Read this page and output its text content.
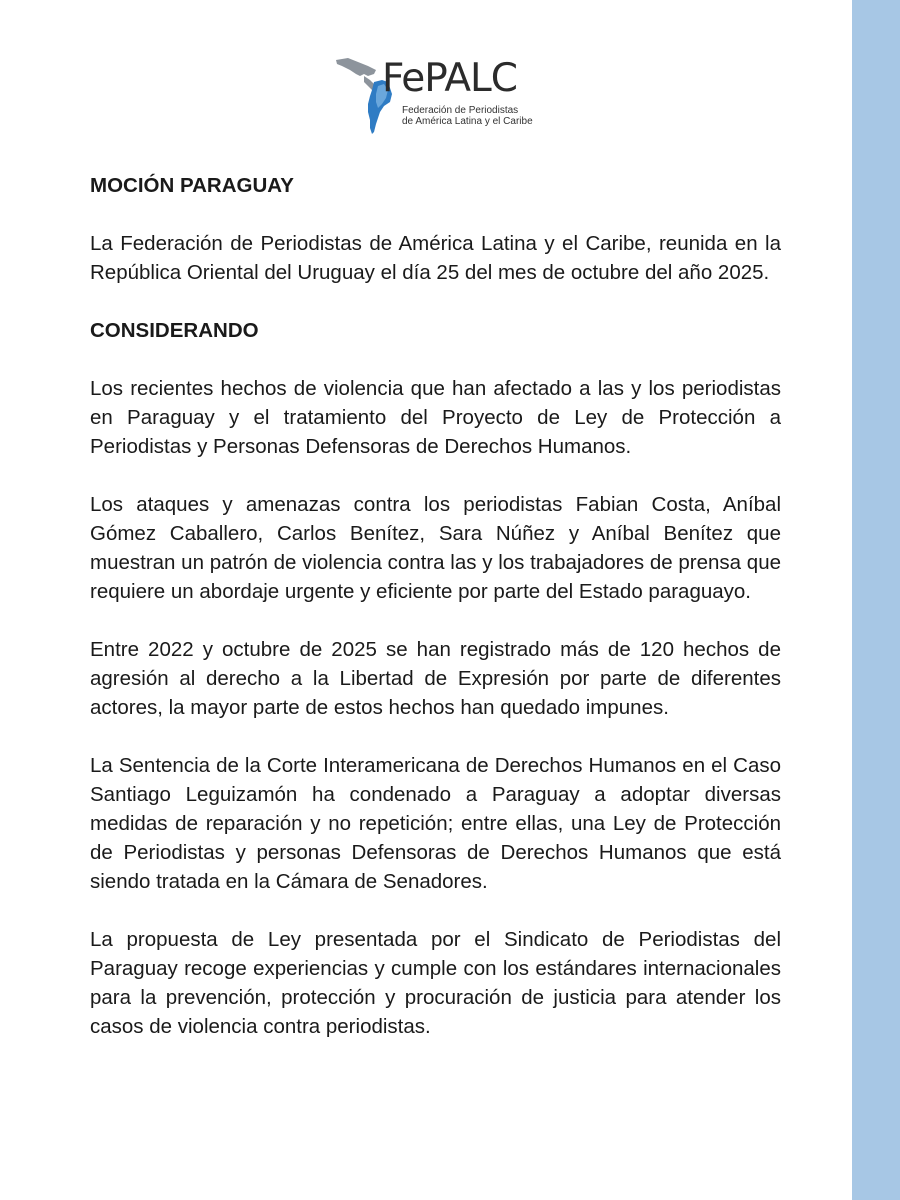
FePALC
Federación de Periodistas
de América Latina y el Caribe
MOCIÓN PARAGUAY

La Federación de Periodistas de América Latina y el Caribe, reunida en la República Oriental del Uruguay el día 25 del mes de octubre del año 2025.

CONSIDERANDO

Los recientes hechos de violencia que han afectado a las y los periodistas en Paraguay y el tratamiento del Proyecto de Ley de Protección a Periodistas y Personas Defensoras de Derechos Humanos.

Los ataques y amenazas contra los periodistas Fabian Costa, Aníbal Gómez Caballero, Carlos Benítez, Sara Núñez y Aníbal Benítez que muestran un patrón de violencia contra las y los trabajadores de prensa que requiere un abordaje urgente y eficiente por parte del Estado paraguayo.

Entre 2022 y octubre de 2025 se han registrado más de 120 hechos de agresión al derecho a la Libertad de Expresión por parte de diferentes actores, la mayor parte de estos hechos han quedado impunes.

La Sentencia de la Corte Interamericana de Derechos Humanos en el Caso Santiago Leguizamón ha condenado a Paraguay a adoptar diversas medidas de reparación y no repetición; entre ellas, una Ley de Protección de Periodistas y personas Defensoras de Derechos Humanos que está siendo tratada en la Cámara de Senadores.

La propuesta de Ley presentada por el Sindicato de Periodistas del Paraguay recoge experiencias y cumple con los estándares internacionales para la prevención, protección y procuración de justicia para atender los casos de violencia contra periodistas.
